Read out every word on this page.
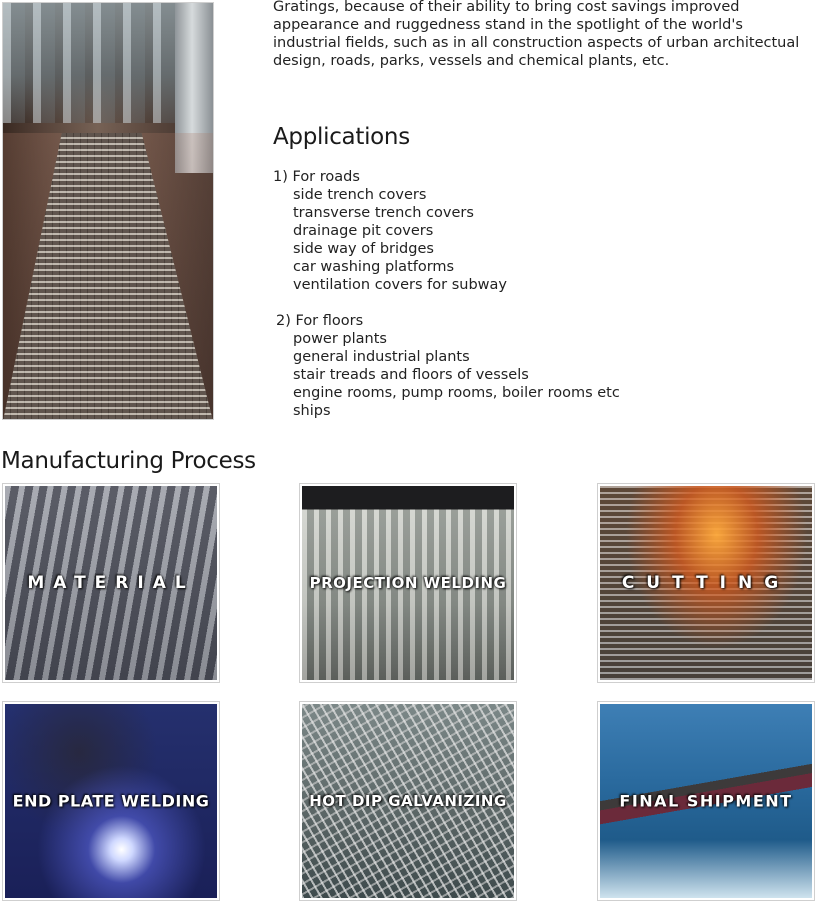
Gratings, because of their ability to bring cost savings improved appearance and ruggedness stand in the spotlight of the world's industrial fields, such as in all construction aspects of urban architectual design, roads, parks, vessels and chemical plants, etc.

Applications

1) For roads

side trench covers
transverse trench covers
drainage pit covers
side way of bridges
car washing platforms
ventilation covers for subway

2) For floors

power plants
general industrial plants
stair treads and floors of vessels
engine rooms, pump rooms, boiler rooms etc
ships
Manufacturing Process
MATERIAL	PROJECTION WELDING	CUTTING
END PLATE WELDING	HOT DIP GALVANIZING	FINAL SHIPMENT
